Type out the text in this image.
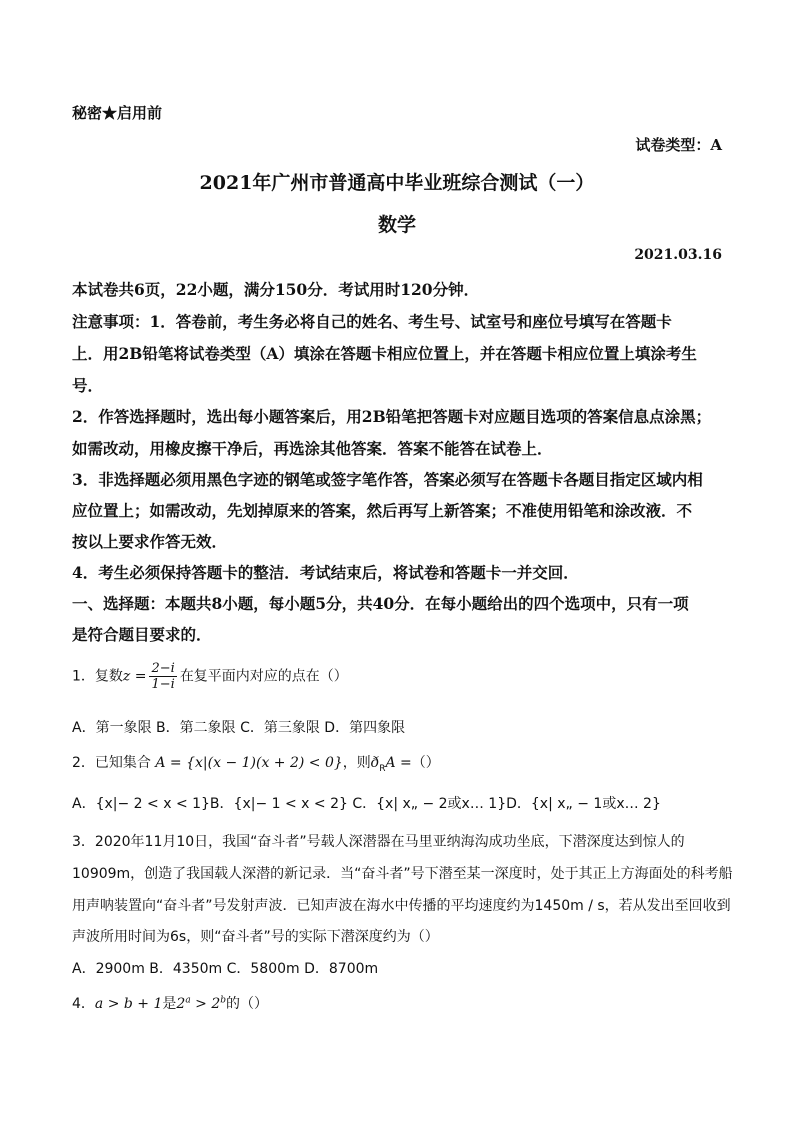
秘密★启用前
试卷类型：A
2021年广州市普通高中毕业班综合测试（一）
数学
2021.03.16
本试卷共6页，22小题，满分150分．考试用时120分钟．
注意事项：1．答卷前，考生务必将自己的姓名、考生号、试室号和座位号填写在答题卡
上．用2B铅笔将试卷类型（A）填涂在答题卡相应位置上，并在答题卡相应位置上填涂考生
号．
2．作答选择题时，选出每小题答案后，用2B铅笔把答题卡对应题目选项的答案信息点涂黑；
如需改动，用橡皮擦干净后，再选涂其他答案．答案不能答在试卷上．
3．非选择题必须用黑色字迹的钢笔或签字笔作答，答案必须写在答题卡各题目指定区域内相
应位置上；如需改动，先划掉原来的答案，然后再写上新答案；不准使用铅笔和涂改液．不
按以上要求作答无效．
4．考生必须保持答题卡的整洁．考试结束后，将试卷和答题卡一并交回．
一、选择题：本题共8小题，每小题5分，共40分．在每小题给出的四个选项中，只有一项
是符合题目要求的．
1．复数$z = \frac{2-i}{1-i}$ 在复平面内对应的点在（）
A．第一象限 B．第二象限 C．第三象限 D．第四象限
2．已知集合 A = {x|(x − 1)(x + 2) < 0}，则$ð_RA$ =（）
A．{x|− 2 < x < 1}B．{x|− 1 < x < 2} C．{x| x„ − 2或x… 1}D．{x| x„ − 1或x… 2}
3．2020年11月10日，我国“奋斗者”号载人深潜器在马里亚纳海沟成功坐底，下潜深度达到惊人的
10909m，创造了我国载人深潜的新记录．当“奋斗者”号下潜至某一深度时，处于其正上方海面处的科考船
用声呐装置向“奋斗者”号发射声波．已知声波在海水中传播的平均速度约为1450m / s，若从发出至回收到
声波所用时间为6s，则“奋斗者”号的实际下潜深度约为（）
A．2900m B．4350m C．5800m D．8700m
4．a > b + 1是$2^a > 2^b$的（）
